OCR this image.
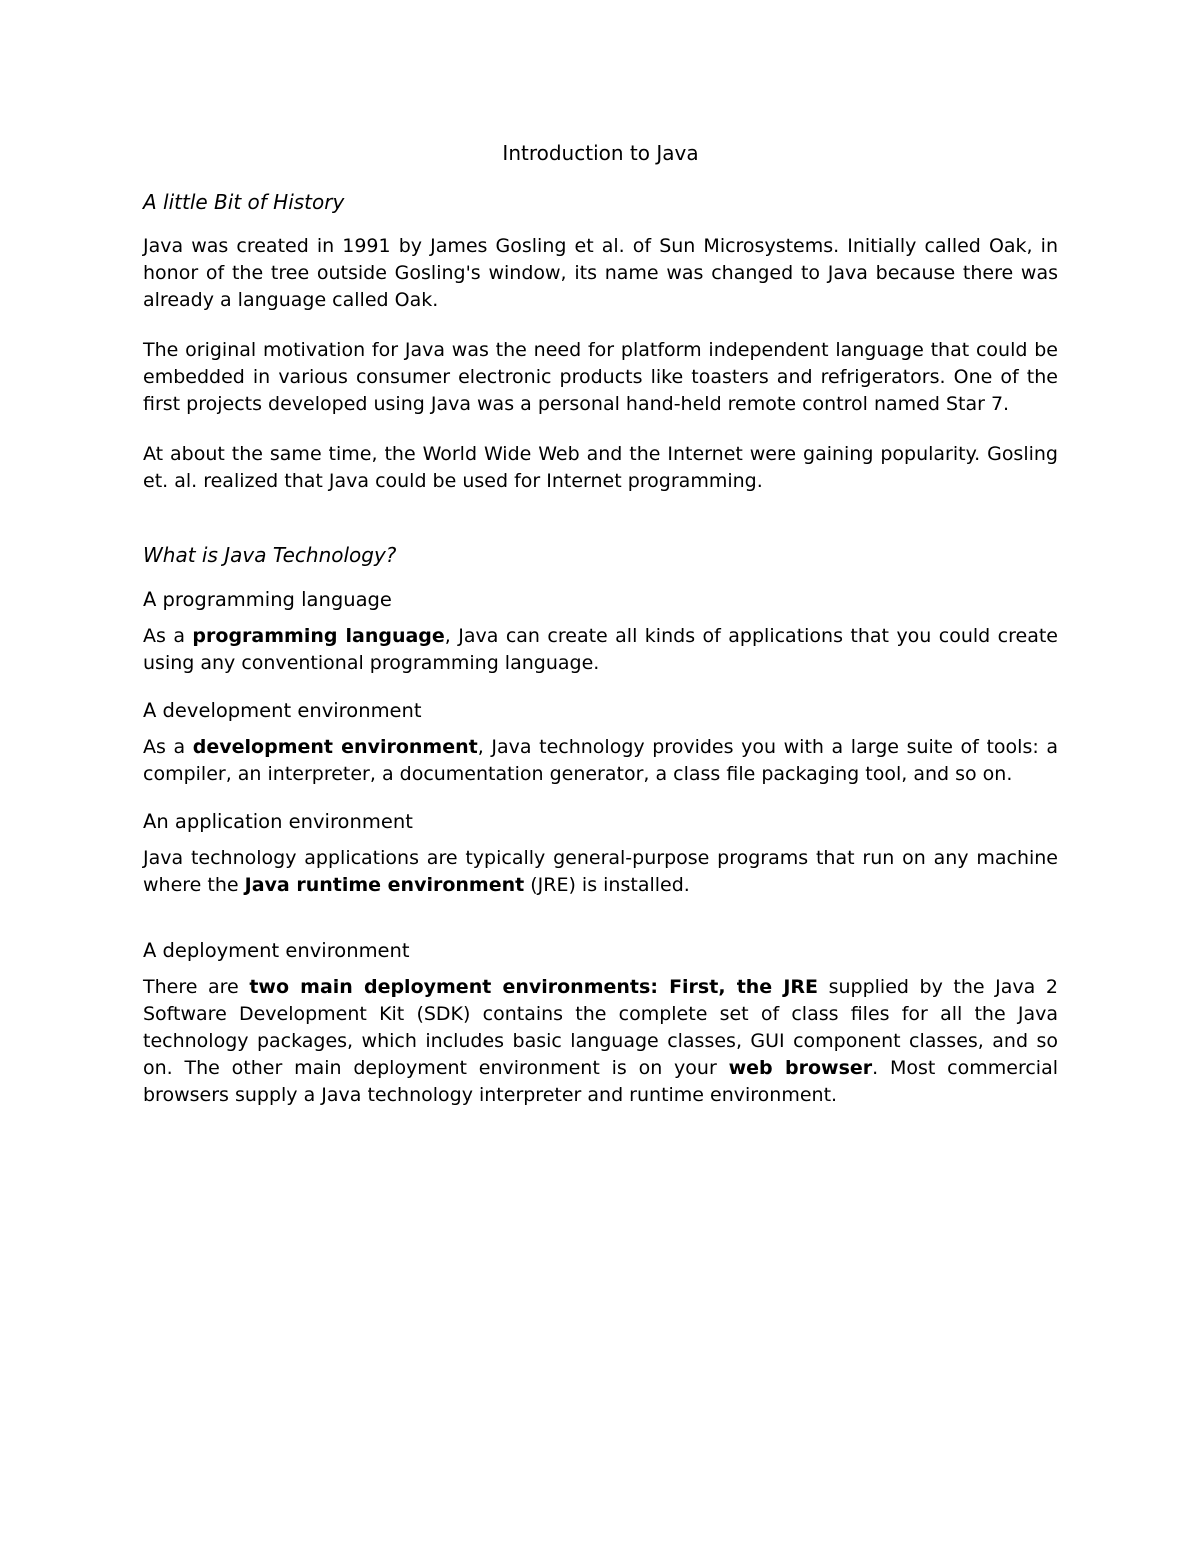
Introduction to Java
A little Bit of History

Java was created in 1991 by James Gosling et al. of Sun Microsystems. Initially called Oak, in honor of the tree outside Gosling's window, its name was changed to Java because there was already a language called Oak.

The original motivation for Java was the need for platform independent language that could be embedded in various consumer electronic products like toasters and refrigerators. One of the first projects developed using Java was a personal hand-held remote control named Star 7.

At about the same time, the World Wide Web and the Internet were gaining popularity. Gosling et. al. realized that Java could be used for Internet programming.

What is Java Technology?
A programming language

As a programming language, Java can create all kinds of applications that you could create using any conventional programming language.

A development environment

As a development environment, Java technology provides you with a large suite of tools: a compiler, an interpreter, a documentation generator, a class file packaging tool, and so on.

An application environment

Java technology applications are typically general-purpose programs that run on any machine where the Java runtime environment (JRE) is installed.

A deployment environment

There are two main deployment environments: First, the JRE supplied by the Java 2 Software Development Kit (SDK) contains the complete set of class files for all the Java technology packages, which includes basic language classes, GUI component classes, and so on. The other main deployment environment is on your web browser. Most commercial browsers supply a Java technology interpreter and runtime environment.
